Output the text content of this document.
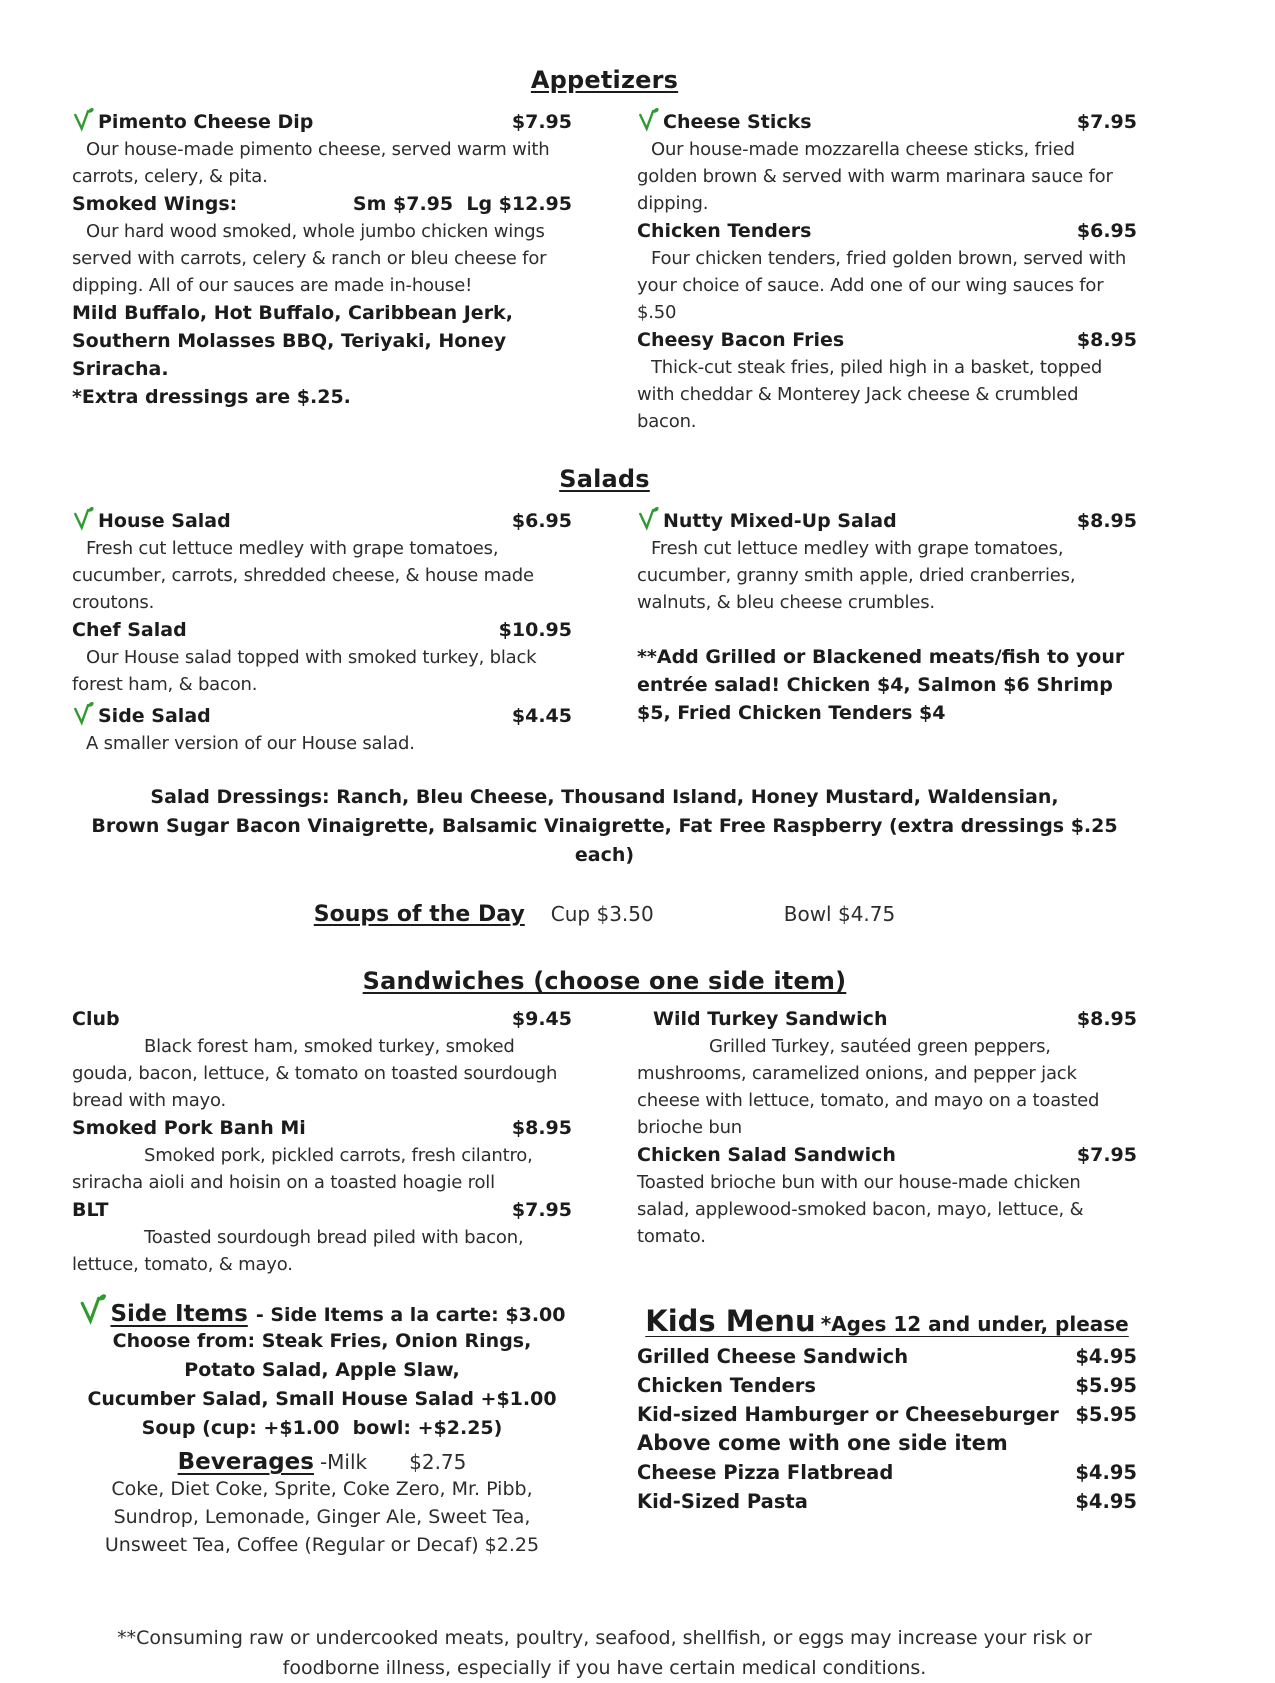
Appetizers
Pimento Cheese Dip	$7.95

Our house-made pimento cheese, served warm with carrots, celery, & pita.

Smoked Wings:	Sm $7.95  Lg $12.95

Our hard wood smoked, whole jumbo chicken wings served with carrots, celery & ranch or bleu cheese for dipping. All of our sauces are made in-house!

Mild Buffalo, Hot Buffalo, Caribbean Jerk, Southern Molasses BBQ, Teriyaki, Honey Sriracha.

*Extra dressings are $.25.

Cheese Sticks	$7.95

Our house-made mozzarella cheese sticks, fried golden brown & served with warm marinara sauce for dipping.

Chicken Tenders	$6.95

Four chicken tenders, fried golden brown, served with your choice of sauce. Add one of our wing sauces for $.50

Cheesy Bacon Fries	$8.95

Thick-cut steak fries, piled high in a basket, topped with cheddar & Monterey Jack cheese & crumbled bacon.

Salads
House Salad	$6.95

Fresh cut lettuce medley with grape tomatoes, cucumber, carrots, shredded cheese, & house made croutons.

Chef Salad	$10.95

Our House salad topped with smoked turkey, black forest ham, & bacon.

Side Salad	$4.45

A smaller version of our House salad.

Nutty Mixed-Up Salad	$8.95

Fresh cut lettuce medley with grape tomatoes, cucumber, granny smith apple, dried cranberries, walnuts, & bleu cheese crumbles.

**Add Grilled or Blackened meats/fish to your entrée salad! Chicken $4, Salmon $6 Shrimp $5, Fried Chicken Tenders $4

Salad Dressings: Ranch, Bleu Cheese, Thousand Island, Honey Mustard, Waldensian,
Brown Sugar Bacon Vinaigrette, Balsamic Vinaigrette, Fat Free Raspberry (extra dressings $.25 each)
Soups of the Day Cup $3.50	Bowl $4.75
Sandwiches (choose one side item)
Club	$9.45

Black forest ham, smoked turkey, smoked gouda, bacon, lettuce, & tomato on toasted sourdough bread with mayo.

Smoked Pork Banh Mi	$8.95

Smoked pork, pickled carrots, fresh cilantro, sriracha aioli and hoisin on a toasted hoagie roll

BLT	$7.95

Toasted sourdough bread piled with bacon, lettuce, tomato, & mayo.

Wild Turkey Sandwich	$8.95

Grilled Turkey, sautéed green peppers, mushrooms, caramelized onions, and pepper jack cheese with lettuce, tomato, and mayo on a toasted brioche bun

Chicken Salad Sandwich	$7.95

Toasted brioche bun with our house-made chicken salad, applewood-smoked bacon, mayo, lettuce, & tomato.

Side Items - Side Items a la carte: $3.00
Choose from: Steak Fries, Onion Rings,
Potato Salad, Apple Slaw,
Cucumber Salad, Small House Salad +$1.00
Soup (cup: +$1.00  bowl: +$2.25)
Beverages -Milk $2.75
Coke, Diet Coke, Sprite, Coke Zero, Mr. Pibb,
Sundrop, Lemonade, Ginger Ale, Sweet Tea,
Unsweet Tea, Coffee (Regular or Decaf) $2.25
Kids Menu *Ages 12 and under, please
Grilled Cheese Sandwich	$4.95
Chicken Tenders	$5.95
Kid-sized Hamburger or Cheeseburger $5.95
Above come with one side item
Cheese Pizza Flatbread	$4.95
Kid-Sized Pasta	$4.95
**Consuming raw or undercooked meats, poultry, seafood, shellfish, or eggs may increase your risk or
foodborne illness, especially if you have certain medical conditions.
